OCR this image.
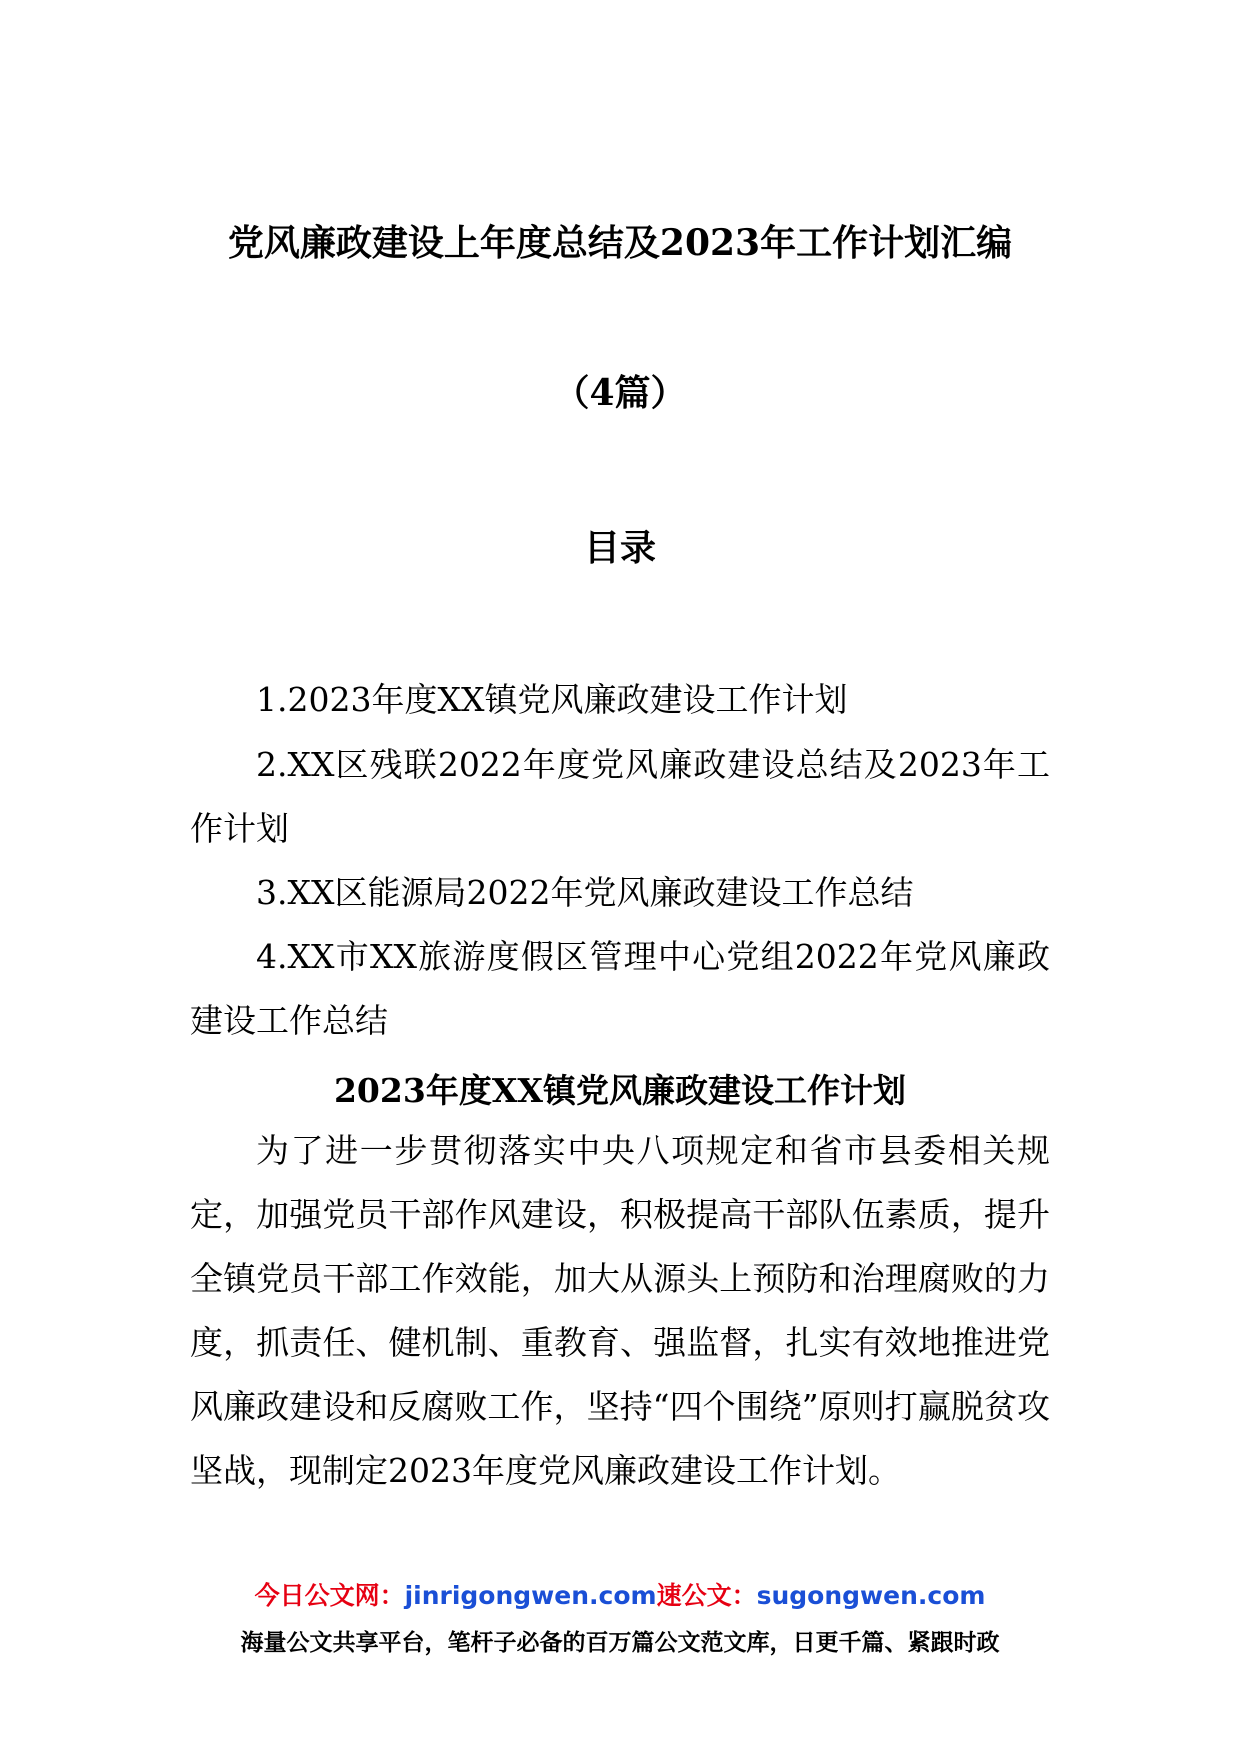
党风廉政建设上年度总结及2023年工作计划汇编
（4篇）
目录
1.2023年度XX镇党风廉政建设工作计划
2.XX区残联2022年度党风廉政建设总结及2023年工作计划
3.XX区能源局2022年党风廉政建设工作总结
4.XX市XX旅游度假区管理中心党组2022年党风廉政建设工作总结
2023年度XX镇党风廉政建设工作计划
为了进一步贯彻落实中央八项规定和省市县委相关规定，加强党员干部作风建设，积极提高干部队伍素质，提升全镇党员干部工作效能，加大从源头上预防和治理腐败的力度，抓责任、健机制、重教育、强监督，扎实有效地推进党风廉政建设和反腐败工作，坚持“四个围绕”原则打赢脱贫攻坚战，现制定2023年度党风廉政建设工作计划。
今日公文网：jinrigongwen.com速公文：sugongwen.com
海量公文共享平台，笔杆子必备的百万篇公文范文库，日更千篇、紧跟时政
